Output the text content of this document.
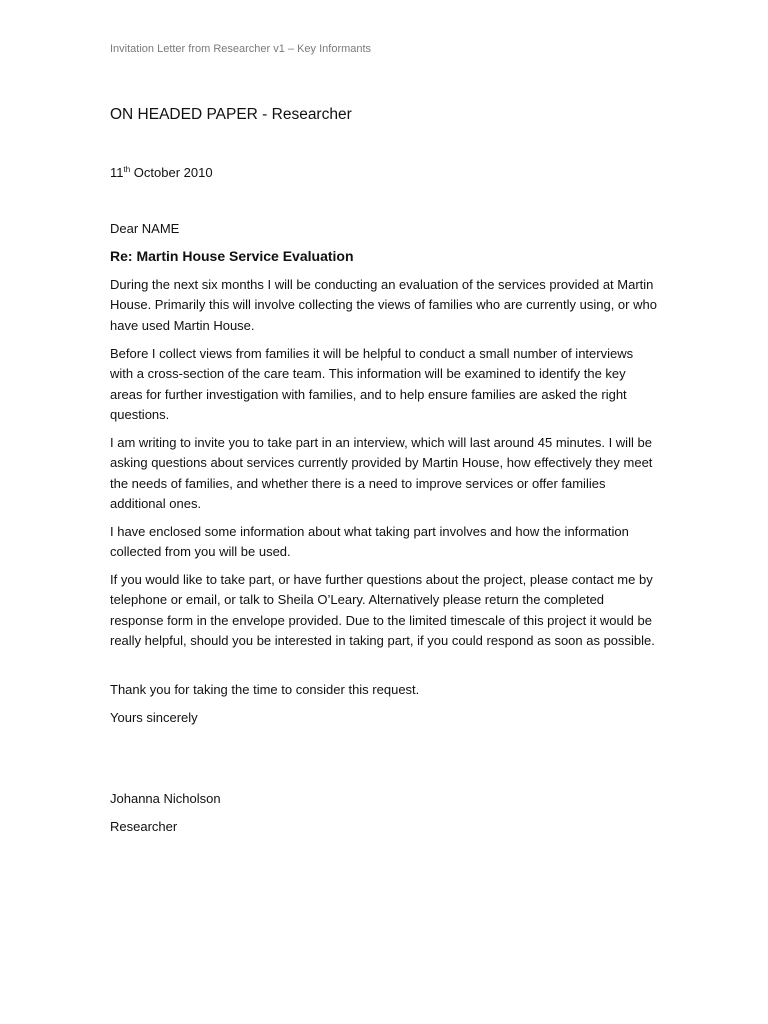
Invitation Letter from Researcher v1 – Key Informants
ON HEADED PAPER - Researcher
11th October 2010
Dear NAME
Re: Martin House Service Evaluation

During the next six months I will be conducting an evaluation of the services provided at Martin House. Primarily this will involve collecting the views of families who are currently using, or who have used Martin House.

Before I collect views from families it will be helpful to conduct a small number of interviews with a cross-section of the care team. This information will be examined to identify the key areas for further investigation with families, and to help ensure families are asked the right questions.

I am writing to invite you to take part in an interview, which will last around 45 minutes. I will be asking questions about services currently provided by Martin House, how effectively they meet the needs of families, and whether there is a need to improve services or offer families additional ones.

I have enclosed some information about what taking part involves and how the information collected from you will be used.

If you would like to take part, or have further questions about the project, please contact me by telephone or email, or talk to Sheila O’Leary. Alternatively please return the completed response form in the envelope provided. Due to the limited timescale of this project it would be really helpful, should you be interested in taking part, if you could respond as soon as possible.

Thank you for taking the time to consider this request.

Yours sincerely

Johanna Nicholson
Researcher
